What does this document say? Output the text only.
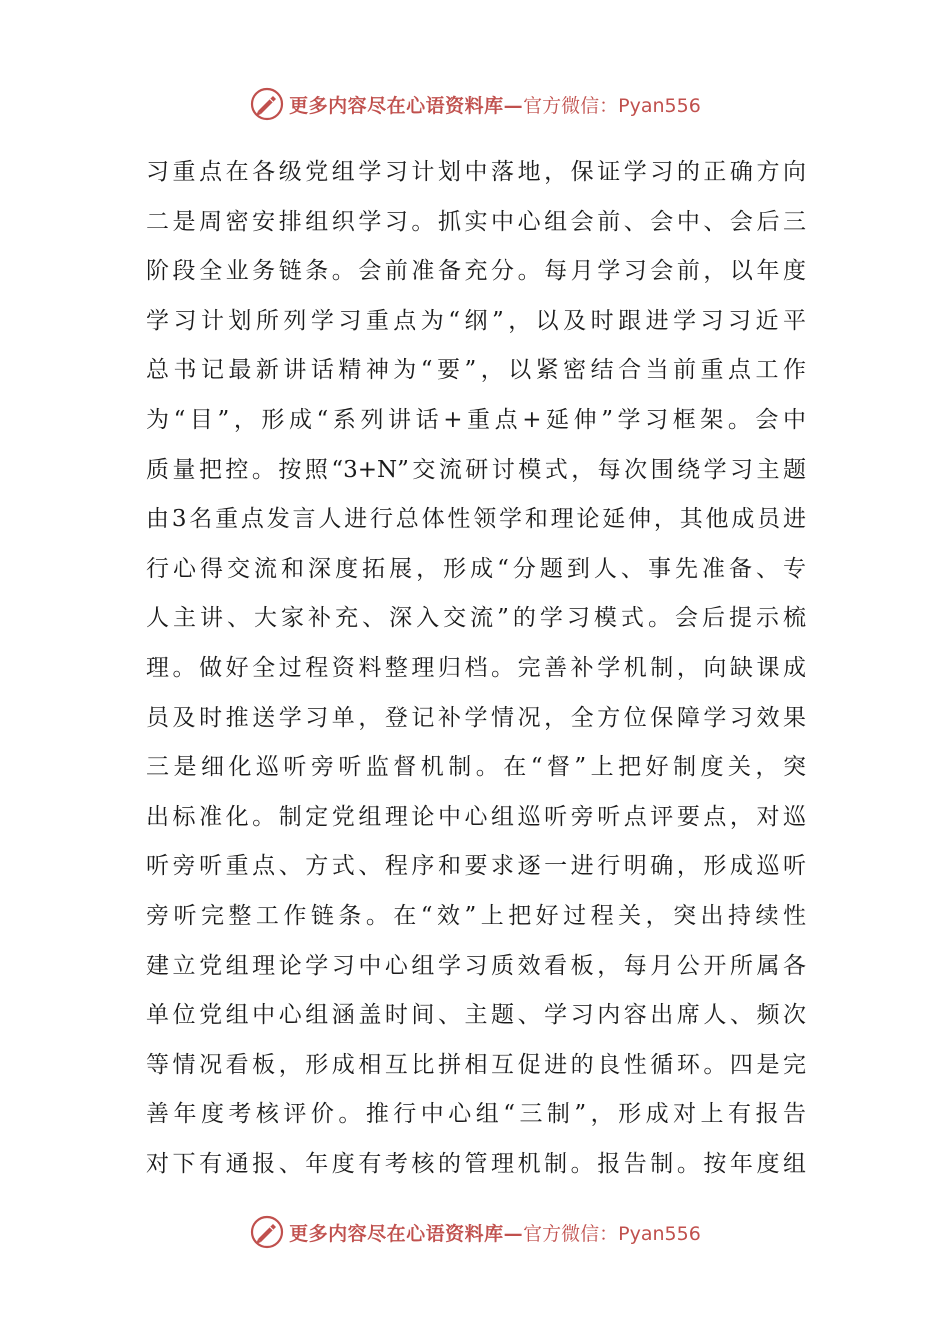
更多内容尽在心语资料库— 官方微信：Pyan556
习重点在各级党组学习计划中落地，保证学习的正确方向
二是周密安排组织学习。抓实中心组会前、会中、会后三
阶段全业务链条。会前准备充分。每月学习会前，以年度
学习计划所列学习重点为“纲”，以及时跟进学习习近平
总书记最新讲话精神为“要”，以紧密结合当前重点工作
为“目”，形成“系列讲话+重点+延伸”学习框架。会中
质量把控。按照“3+N”交流研讨模式，每次围绕学习主题
由3名重点发言人进行总体性领学和理论延伸，其他成员进
行心得交流和深度拓展，形成“分题到人、事先准备、专
人主讲、大家补充、深入交流”的学习模式。会后提示梳
理。做好全过程资料整理归档。完善补学机制，向缺课成
员及时推送学习单，登记补学情况，全方位保障学习效果
三是细化巡听旁听监督机制。在“督”上把好制度关，突
出标准化。制定党组理论中心组巡听旁听点评要点，对巡
听旁听重点、方式、程序和要求逐一进行明确，形成巡听
旁听完整工作链条。在“效”上把好过程关，突出持续性
建立党组理论学习中心组学习质效看板，每月公开所属各
单位党组中心组涵盖时间、主题、学习内容出席人、频次
等情况看板，形成相互比拼相互促进的良性循环。四是完
善年度考核评价。推行中心组“三制”，形成对上有报告
对下有通报、年度有考核的管理机制。报告制。按年度组
更多内容尽在心语资料库— 官方微信：Pyan556
